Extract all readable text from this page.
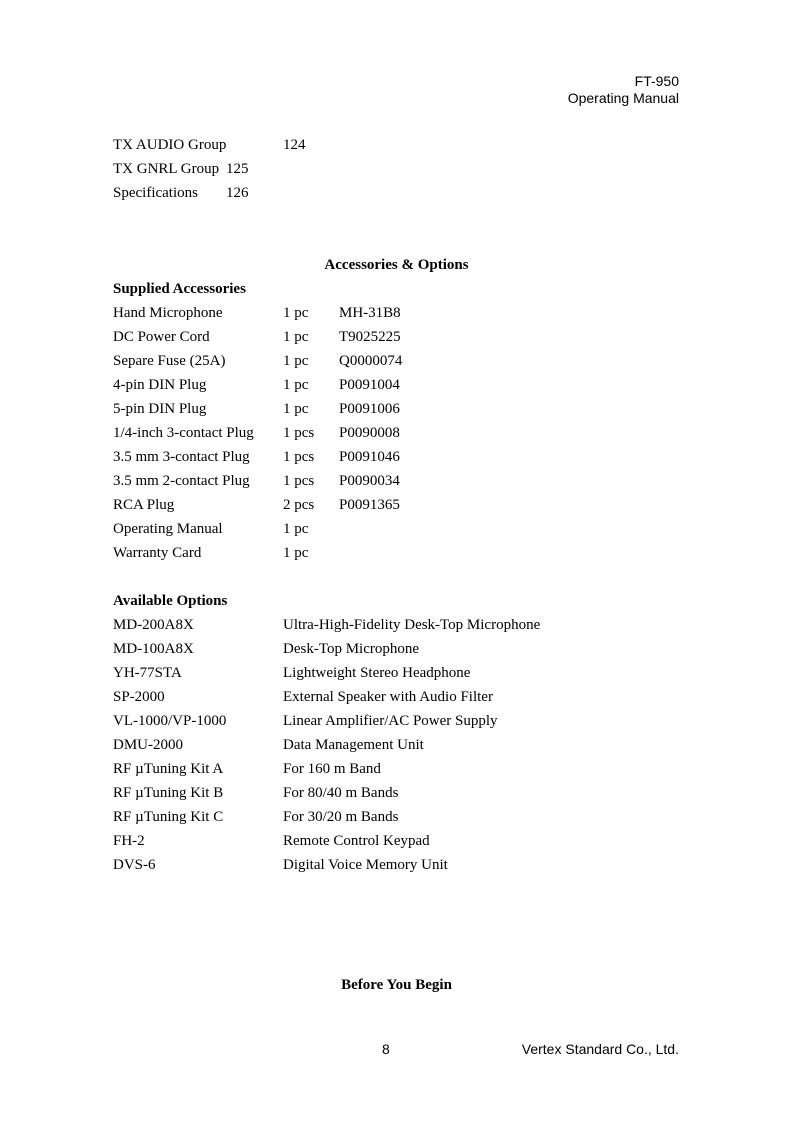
FT-950
Operating Manual
TX AUDIO Group	124
TX GNRL Group 125
Specifications 126
Accessories & Options
Supplied Accessories
Hand Microphone	1 pc MH-31B8
DC Power Cord	1 pc T9025225
Separe Fuse (25A)	1 pc Q0000074
4-pin DIN Plug	1 pc P0091004
5-pin DIN Plug	1 pc P0091006
1/4-inch 3-contact Plug 1 pcs P0090008
3.5 mm 3-contact Plug 1 pcs P0091046
3.5 mm 2-contact Plug 1 pcs P0090034
RCA Plug	2 pcs P0091365
Operating Manual	1 pc
Warranty Card	1 pc
Available Options
MD-200A8X	Ultra-High-Fidelity Desk-Top Microphone
MD-100A8X	Desk-Top Microphone
YH-77STA	Lightweight Stereo Headphone
SP-2000	External Speaker with Audio Filter
VL-1000/VP-1000	Linear Amplifier/AC Power Supply
DMU-2000	Data Management Unit
RF µTuning Kit A	For 160 m Band
RF µTuning Kit B	For 80/40 m Bands
RF µTuning Kit C	For 30/20 m Bands
FH-2	Remote Control Keypad
DVS-6	Digital Voice Memory Unit
Before You Begin
8	Vertex Standard Co., Ltd.
